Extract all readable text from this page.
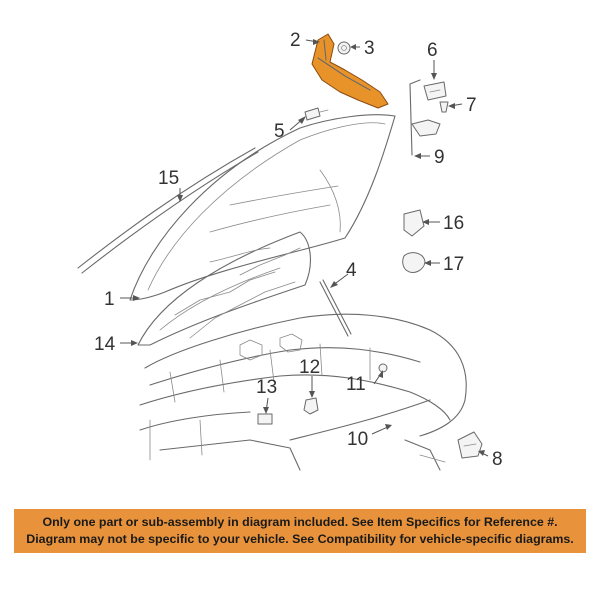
1
2	3
4
5
6
7
8
9
10
11
12
13
14
15
16
17
Only one part or sub-assembly in diagram included. See Item Specifics for Reference #.
Diagram may not be specific to your vehicle. See Compatibility for vehicle-specific diagrams.
